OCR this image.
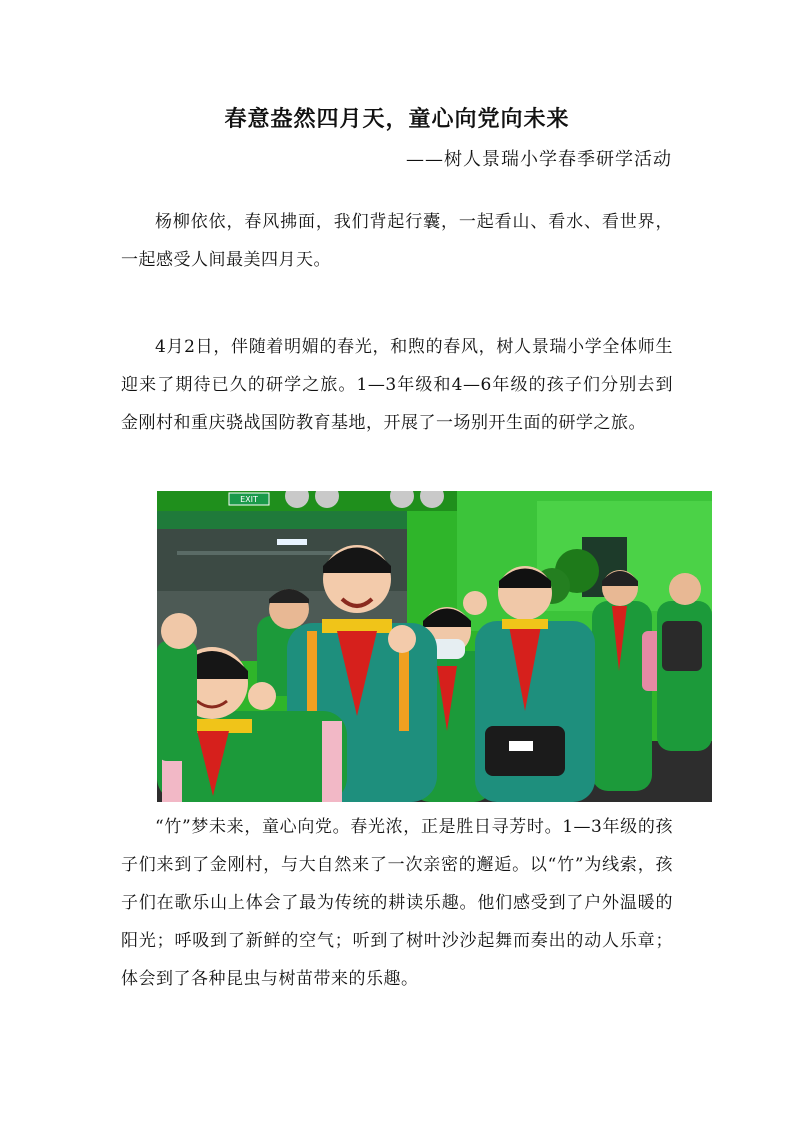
春意盎然四月天，童心向党向未来

——树人景瑞小学春季研学活动

杨柳依依，春风拂面，我们背起行囊，一起看山、看水、看世界，一起感受人间最美四月天。

4月2日，伴随着明媚的春光，和煦的春风，树人景瑞小学全体师生迎来了期待已久的研学之旅。1—3年级和4—6年级的孩子们分别去到金刚村和重庆骁战国防教育基地，开展了一场别开生面的研学之旅。

EXIT

“竹”梦未来，童心向党。春光浓，正是胜日寻芳时。1—3年级的孩子们来到了金刚村，与大自然来了一次亲密的邂逅。以“竹”为线索，孩子们在歌乐山上体会了最为传统的耕读乐趣。他们感受到了户外温暖的阳光；呼吸到了新鲜的空气；听到了树叶沙沙起舞而奏出的动人乐章；体会到了各种昆虫与树苗带来的乐趣。
